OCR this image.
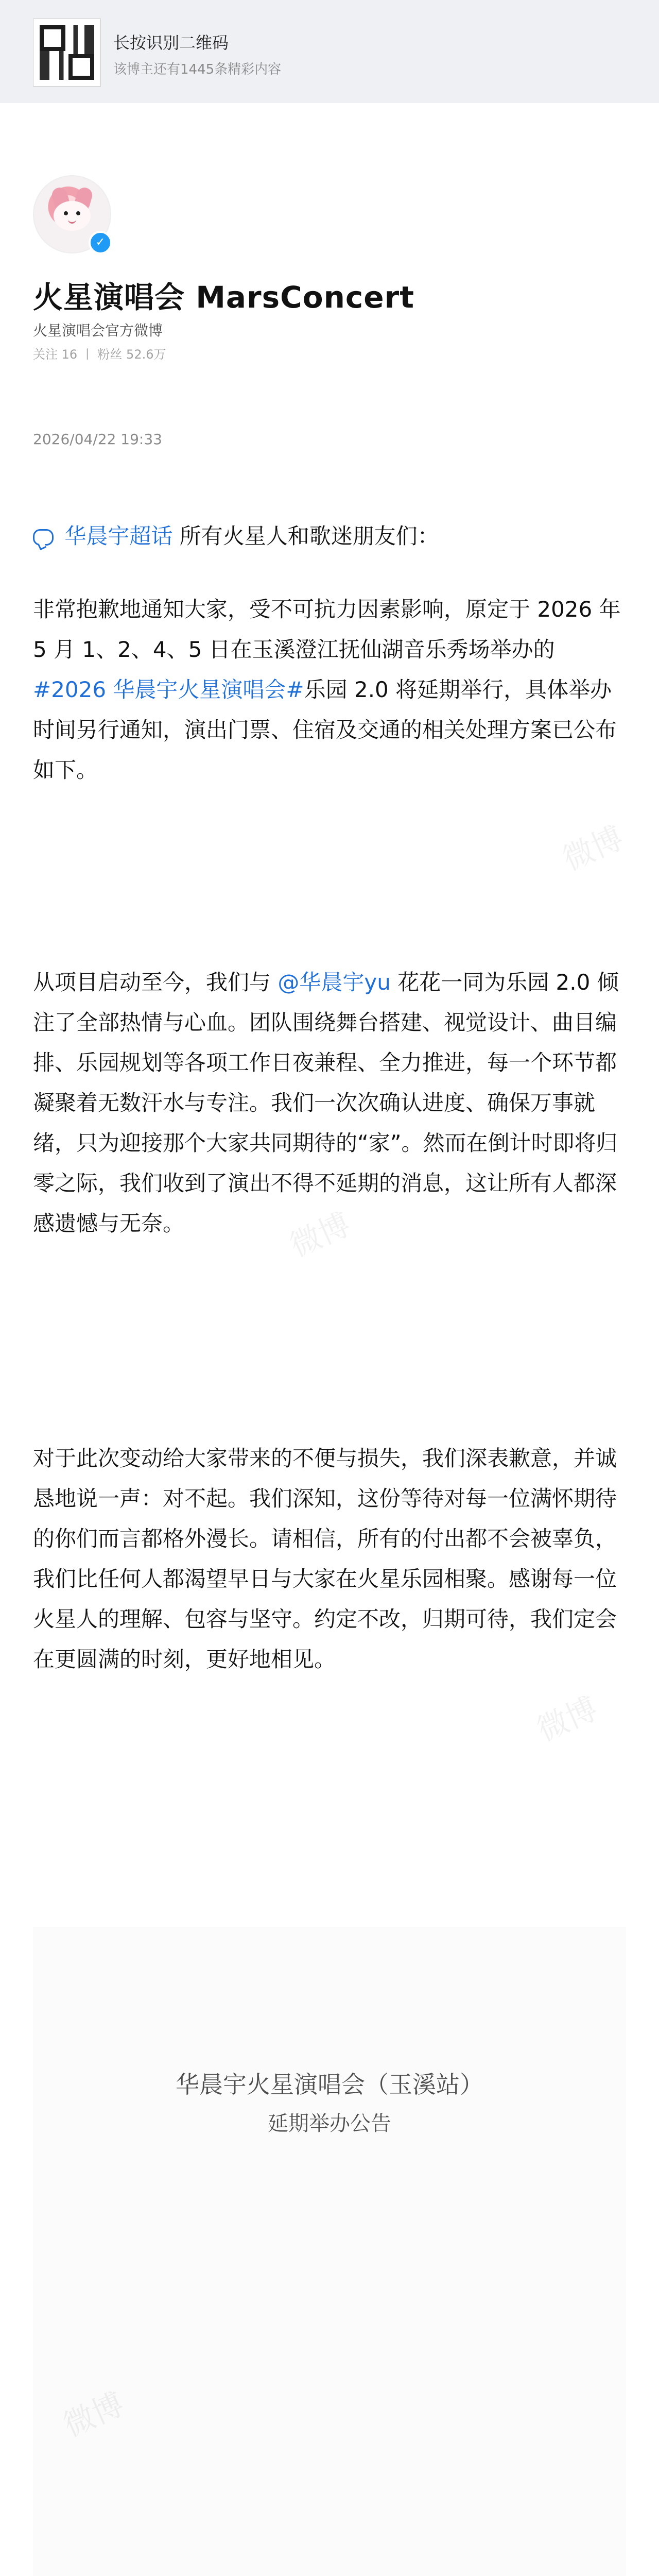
长按识别二维码
该博主还有1445条精彩内容
✓
火星演唱会 MarsConcert
火星演唱会官方微博
关注 16 丨 粉丝 52.6万
2026/04/22 19:33
华晨宇超话 所有火星人和歌迷朋友们：
非常抱歉地通知大家，受不可抗力因素影响，原定于 2026 年 5 月 1、2、4、5 日在玉溪澄江抚仙湖音乐秀场举办的#2026 华晨宇火星演唱会#乐园 2.0 将延期举行，具体举办时间另行通知，演出门票、住宿及交通的相关处理方案已公布如下。
从项目启动至今，我们与 @华晨宇yu 花花一同为乐园 2.0 倾注了全部热情与心血。团队围绕舞台搭建、视觉设计、曲目编排、乐园规划等各项工作日夜兼程、全力推进，每一个环节都凝聚着无数汗水与专注。我们一次次确认进度、确保万事就绪，只为迎接那个大家共同期待的“家”。然而在倒计时即将归零之际，我们收到了演出不得不延期的消息，这让所有人都深感遗憾与无奈。
对于此次变动给大家带来的不便与损失，我们深表歉意，并诚恳地说一声：对不起。我们深知，这份等待对每一位满怀期待的你们而言都格外漫长。请相信，所有的付出都不会被辜负，我们比任何人都渴望早日与大家在火星乐园相聚。感谢每一位火星人的理解、包容与坚守。约定不改，归期可待，我们定会在更圆满的时刻，更好地相见。
华晨宇火星演唱会（玉溪站）
延期举办公告
微博
微博
微博
微博
